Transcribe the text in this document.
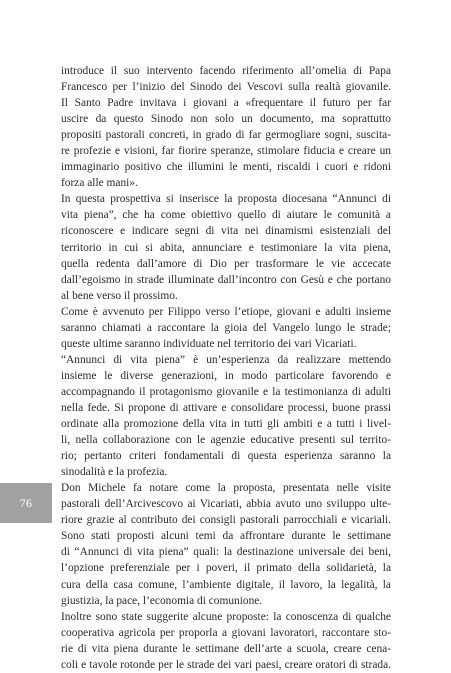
introduce il suo intervento facendo riferimento all’omelia di Papa
Francesco per l’inizio del Sinodo dei Vescovi sulla realtà giovanile.
Il Santo Padre invitava i giovani a «frequentare il futuro per far
uscire da questo Sinodo non solo un documento, ma soprattutto
propositi pastorali concreti, in grado di far germogliare sogni, suscita-
re profezie e visioni, far fiorire speranze, stimolare fiducia e creare un
immaginario positivo che illumini le menti, riscaldi i cuori e ridoni
forza alle mani».
In questa prospettiva si inserisce la proposta diocesana “Annunci di
vita piena”, che ha come obiettivo quello di aiutare le comunità a
riconoscere e indicare segni di vita nei dinamismi esistenziali del
territorio in cui si abita, annunciare e testimoniare la vita piena,
quella redenta dall’amore di Dio per trasformare le vie accecate
dall’egoismo in strade illuminate dall’incontro con Gesù e che portano
al bene verso il prossimo.
Come è avvenuto per Filippo verso l’etiope, giovani e adulti insieme
saranno chiamati a raccontare la gioia del Vangelo lungo le strade;
queste ultime saranno individuate nel territorio dei vari Vicariati.
“Annunci di vita piena” è un’esperienza da realizzare mettendo
insieme le diverse generazioni, in modo particolare favorendo e
accompagnando il protagonismo giovanile e la testimonianza di adulti
nella fede. Si propone di attivare e consolidare processi, buone prassi
ordinate alla promozione della vita in tutti gli ambiti e a tutti i livel-
li, nella collaborazione con le agenzie educative presenti sul territo-
rio; pertanto criteri fondamentali di questa esperienza saranno la
sinodalità e la profezia.
Don Michele fa notare come la proposta, presentata nelle visite
pastorali dell’Arcivescovo ai Vicariati, abbia avuto uno sviluppo ulte-
riore grazie al contributo dei consigli pastorali parrocchiali e vicariali.
Sono stati proposti alcuni temi da affrontare durante le settimane
di “Annunci di vita piena” quali: la destinazione universale dei beni,
l’opzione preferenziale per i poveri, il primato della solidarietà, la
cura della casa comune, l’ambiente digitale, il lavoro, la legalità, la
giustizia, la pace, l’economia di comunione.
Inoltre sono state suggerite alcune proposte: la conoscenza di qualche
cooperativa agricola per proporla a giovani lavoratori, raccontare sto-
rie di vita piena durante le settimane dell’arte a scuola, creare cena-
coli e tavole rotonde per le strade dei vari paesi, creare oratori di strada.
76
